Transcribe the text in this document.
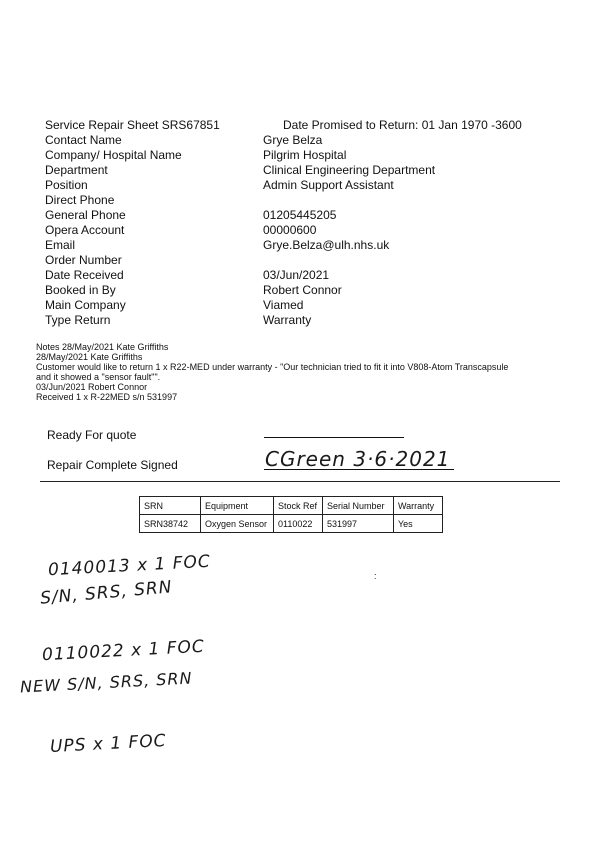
Service Repair Sheet SRS67851	Date Promised to Return: 01 Jan 1970 -3600
Contact Name	Grye Belza
Company/ Hospital Name	Pilgrim Hospital
Department	Clinical Engineering Department
Position	Admin Support Assistant
Direct Phone
General Phone	01205445205
Opera Account	00000600
Email	Grye.Belza@ulh.nhs.uk
Order Number
Date Received	03/Jun/2021
Booked in By	Robert Connor
Main Company	Viamed
Type Return	Warranty
Notes 28/May/2021 Kate Griffiths
28/May/2021 Kate Griffiths
Customer would like to return 1 x R22-MED under warranty - "Our technician tried to fit it into V808-Atom Transcapsule
and it showed a "sensor fault"".
03/Jun/2021 Robert Connor
Received 1 x R-22MED s/n 531997
Ready For quote
Repair Complete Signed	CGreen 3·6·2021
SRN	Equipment	Stock Ref	Serial Number	Warranty
SRN38742	Oxygen Sensor	0110022	531997	Yes
0140013 x 1 FOC
S/N, SRS, SRN
0110022 x 1 FOC
NEW S/N, SRS, SRN
UPS x 1 FOC
:
